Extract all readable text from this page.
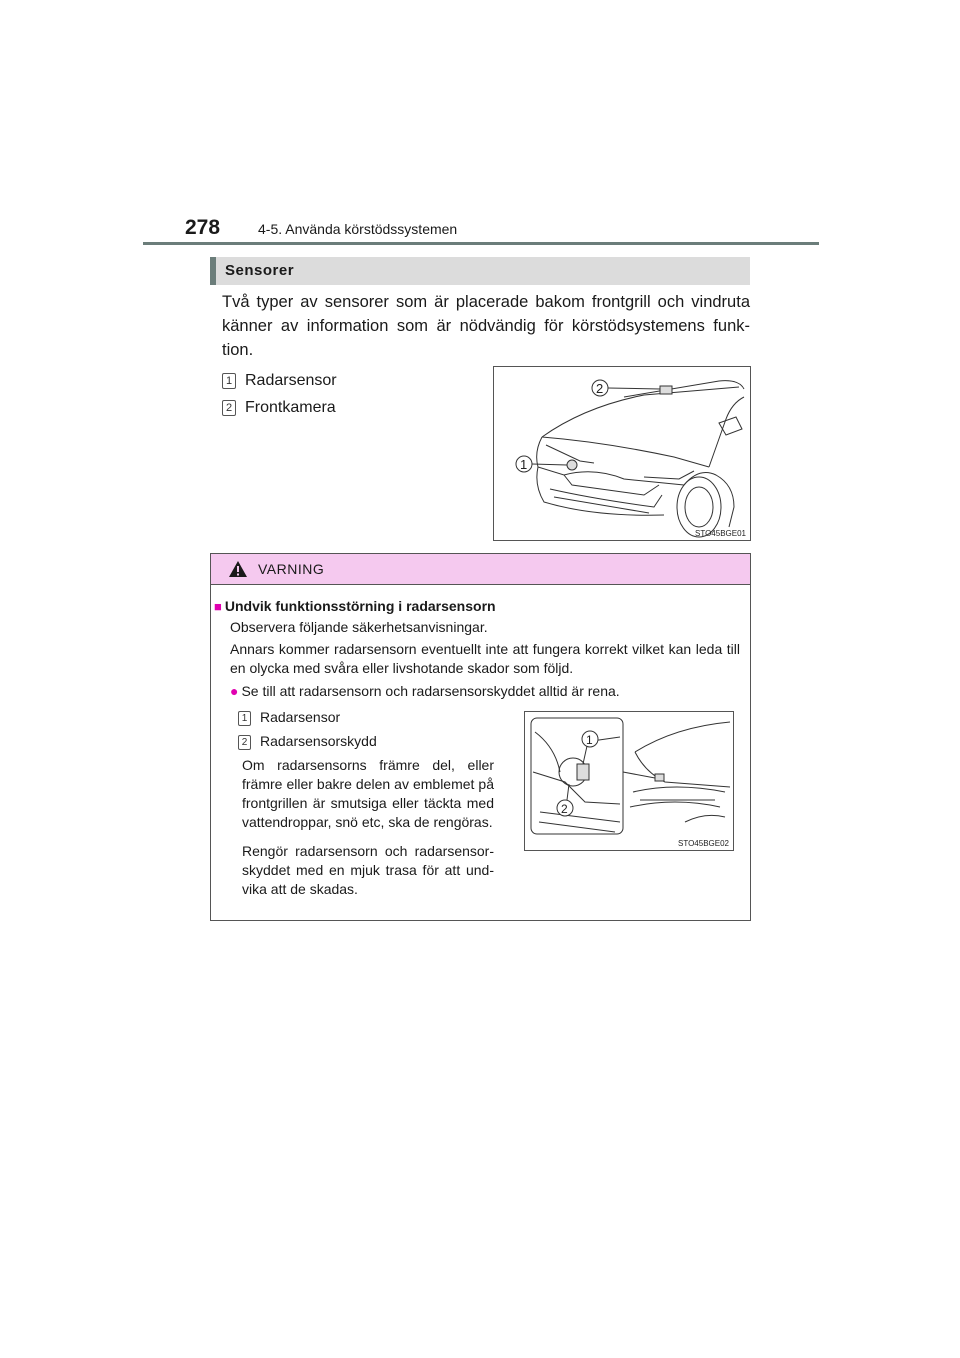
278	4-5. Använda körstödssystemen
Sensorer
Två typer av sensorer som är placerade bakom frontgrill och vindruta känner av information som är nödvändig för körstödsystemens funk- tion.
1 Radarsensor
2 Frontkamera
2
1
STO45BGE01
VARNING
■ Undvik funktionsstörning i radarsensorn
Observera följande säkerhetsanvisningar.
Annars kommer radarsensorn eventuellt inte att fungera korrekt vilket kan leda till en olycka med svåra eller livshotande skador som följd.
● Se till att radarsensorn och radarsensorskyddet alltid är rena.
1 Radarsensor
2 Radarsensorskydd
Om radarsensorns främre del, eller främre eller bakre delen av emblemet på frontgrillen är smutsiga eller täckta med vattendroppar, snö etc, ska de rengöras.
Rengör radarsensorn och radarsensor- skyddet med en mjuk trasa för att und- vika att de skadas.
1
2
STO45BGE02
